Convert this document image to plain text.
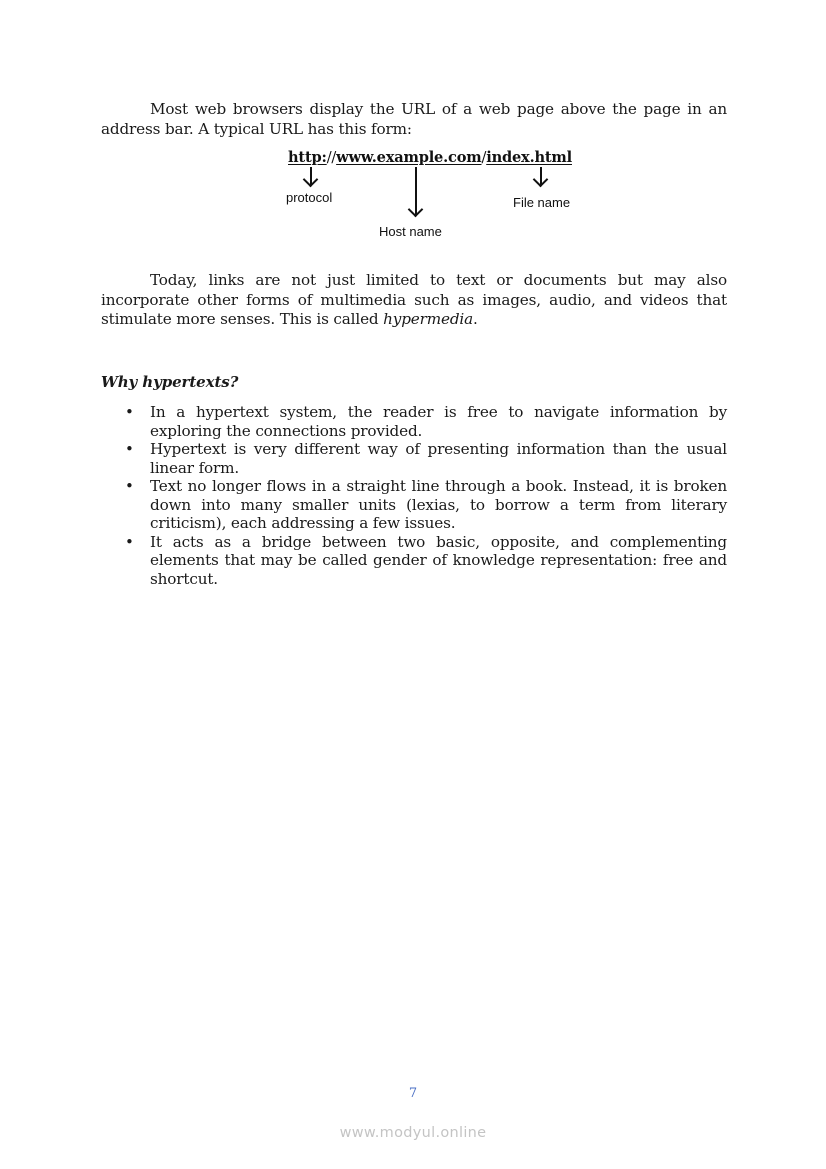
Most web browsers display the URL of a web page above the page in an address bar. A typical URL has this form:

http://www.example.com/index.html
protocol	File name
Host name

Today, links are not just limited to text or documents but may also incorporate other forms of multimedia such as images, audio, and videos that stimulate more senses. This is called hypermedia.

Why hypertexts?
• In a hypertext system, the reader is free to navigate information by exploring the connections provided.
• Hypertext is very different way of presenting information than the usual linear form.
• Text no longer flows in a straight line through a book. Instead, it is broken down into many smaller units (lexias, to borrow a term from literary criticism), each addressing a few issues.
• It acts as a bridge between two basic, opposite, and complementing elements that may be called gender of knowledge representation: free and shortcut.
7
www.modyul.online
